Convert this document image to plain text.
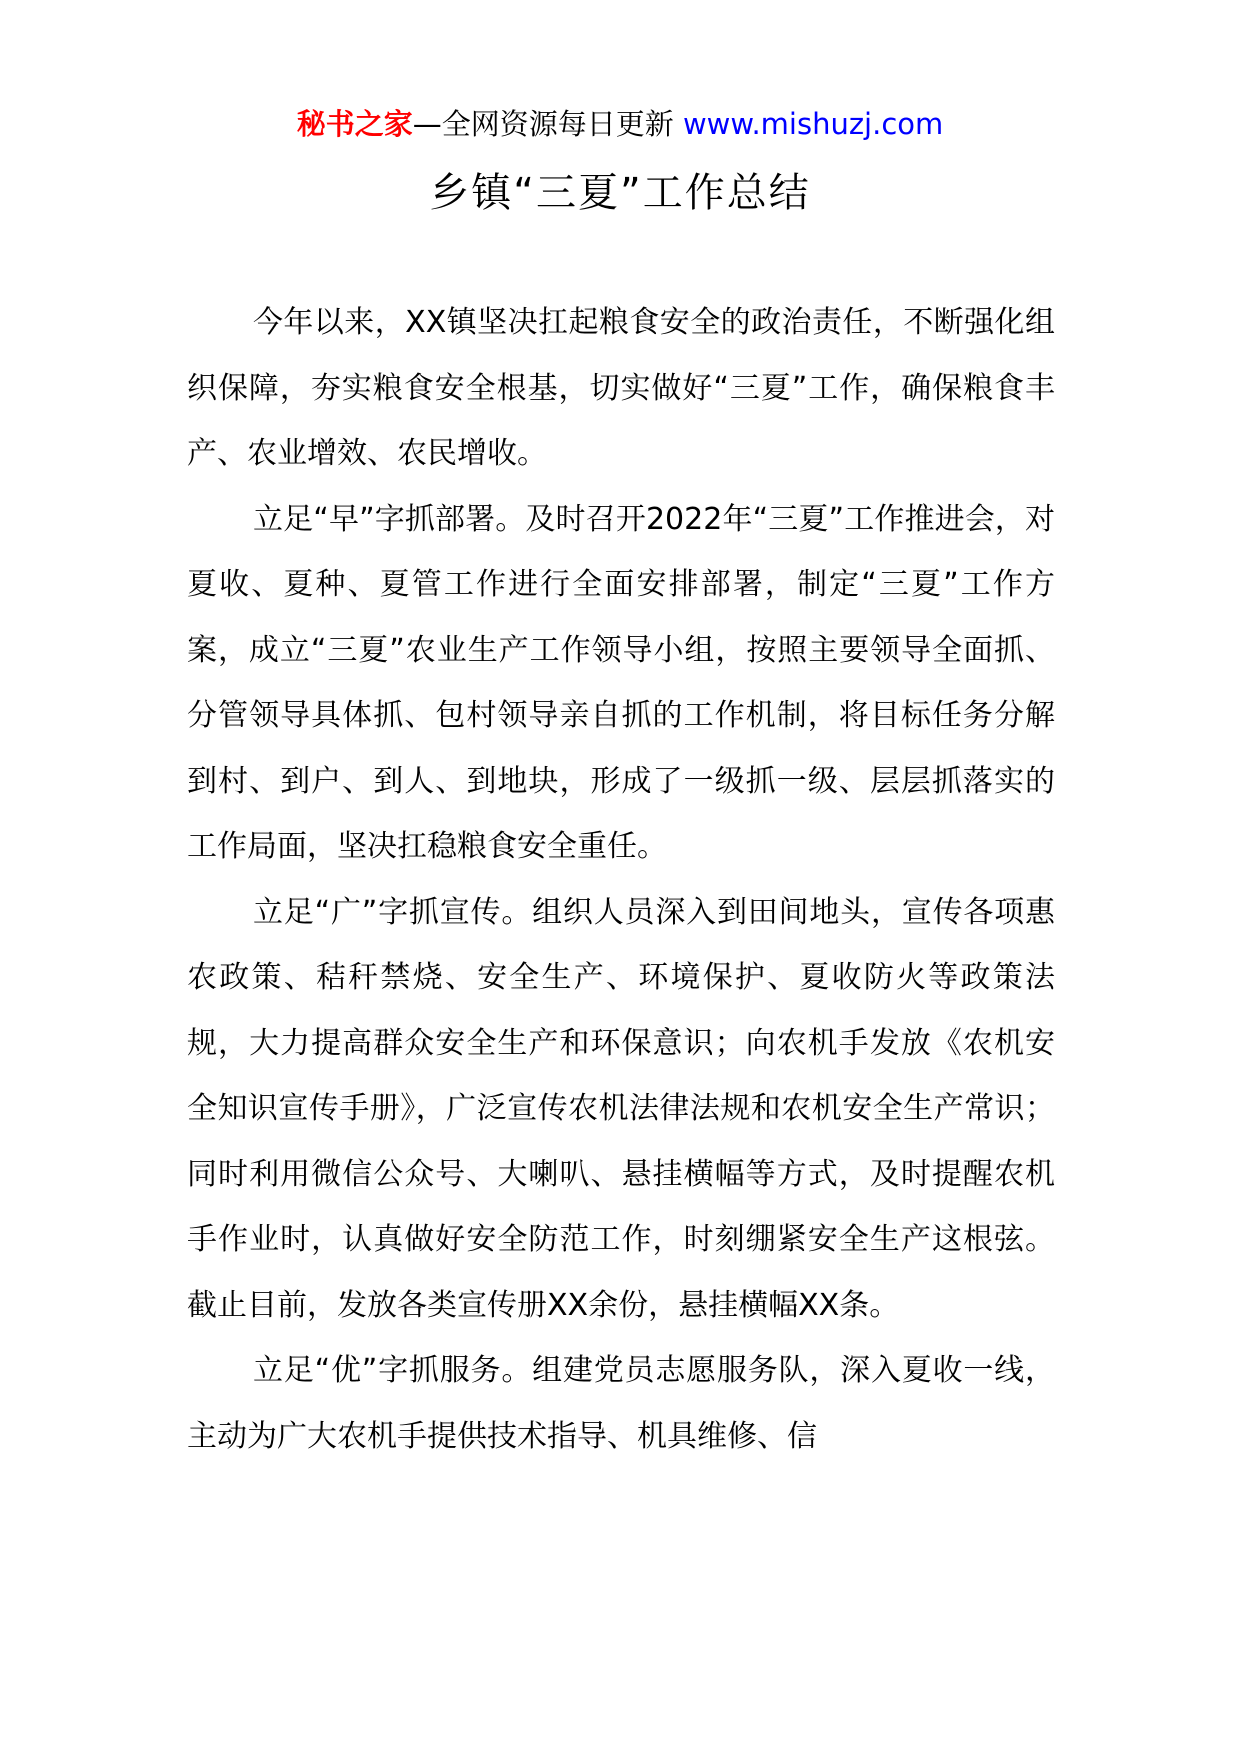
秘书之家—全网资源每日更新 www.mishuzj.com
乡镇“三夏”工作总结

今年以来，XX镇坚决扛起粮食安全的政治责任，不断强化组织保障，夯实粮食安全根基，切实做好“三夏”工作，确保粮食丰产、农业增效、农民增收。

立足“早”字抓部署。及时召开2022年“三夏”工作推进会，对夏收、夏种、夏管工作进行全面安排部署，制定“三夏”工作方案，成立“三夏”农业生产工作领导小组，按照主要领导全面抓、分管领导具体抓、包村领导亲自抓的工作机制，将目标任务分解到村、到户、到人、到地块，形成了一级抓一级、层层抓落实的工作局面，坚决扛稳粮食安全重任。

立足“广”字抓宣传。组织人员深入到田间地头，宣传各项惠农政策、秸秆禁烧、安全生产、环境保护、夏收防火等政策法规，大力提高群众安全生产和环保意识；向农机手发放《农机安全知识宣传手册》，广泛宣传农机法律法规和农机安全生产常识；同时利用微信公众号、大喇叭、悬挂横幅等方式，及时提醒农机手作业时，认真做好安全防范工作，时刻绷紧安全生产这根弦。截止目前，发放各类宣传册XX余份，悬挂横幅XX条。

立足“优”字抓服务。组建党员志愿服务队，深入夏收一线，主动为广大农机手提供技术指导、机具维修、信
